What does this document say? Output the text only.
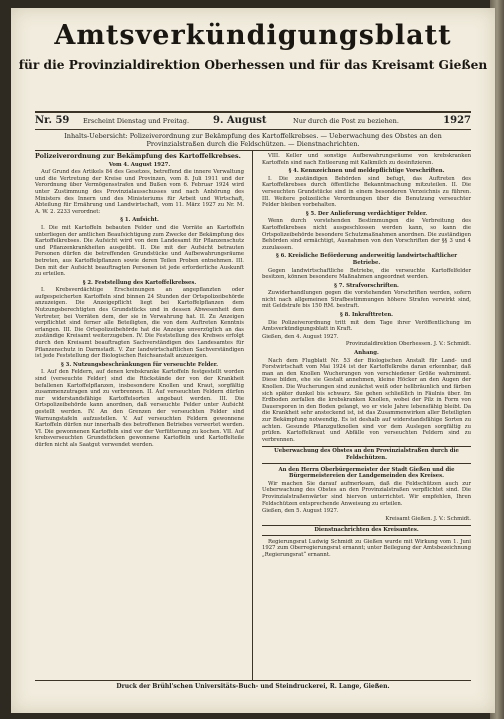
Amtsverkündigungsblatt
für die Provinzialdirektion Oberhessen und für das Kreisamt Gießen
Nr. 59 Erscheint Dienstag und Freitag. 9. August	Nur durch die Post zu beziehen.	1927
Inhalts-Uebersicht: Polizeiverordnung zur Bekämpfung des Kartoffelkrebses. — Ueberwachung des Obstes an den Provinzialstraßen durch die Feldschützen. — Dienstnachrichten.

Polizeiverordnung zur Bekämpfung des Kartoffelkrebses.

Vom 4. August 1927.

Auf Grund des Artikels 84 des Gesetzes, betreffend die innere Verwaltung und die Vertretung der Kreise und Provinzen, vom 8. Juli 1911 und der Verordnung über Vermögensstrafen und Bußen vom 6. Februar 1924 wird unter Zustimmung des Provinzialausschusses und nach Anhörung des Ministers des Innern und des Ministeriums für Arbeit und Wirtschaft, Abteilung für Ernährung und Landwirtschaft, vom 11. März 1927 zu Nr. M. A. W. 2. 2233 verordnet:

§ 1. Aufsicht.

I. Die mit Kartoffeln bebauten Felder und die Vorräte an Kartoffeln unterliegen der amtlichen Beaufsichtigung zum Zwecke der Bekämpfung des Kartoffelkrebses. Die Aufsicht wird von dem Landesamt für Pflanzenschutz und Pflanzenkrankheiten ausgeübt. II. Die mit der Aufsicht betrauten Personen dürfen die betreffenden Grundstücke und Aufbewahrungsräume betreten, aus Kartoffelpflanzen sowie deren Teilen Proben entnehmen. III. Den mit der Aufsicht beauftragten Personen ist jede erforderliche Auskunft zu erteilen.

§ 2. Feststellung des Kartoffelkrebses.

I. Krebsverdächtige Erscheinungen an angepflanzten oder aufgespeicherten Kartoffeln sind binnen 24 Stunden der Ortspolizeibehörde anzuzeigen. Die Anzeigepflicht liegt bei Kartoffelpflanzen dem Nutzungsberechtigten des Grundstücks und in dessen Abwesenheit dem Vertreter, bei Vorräten dem, der sie in Verwahrung hat. II. Zu Anzeigen verpflichtet sind ferner alle Beteiligten, die von dem Auftreten Kenntnis erlangen. III. Die Ortspolizeibehörde hat die Anzeige unverzüglich an das zuständige Kreisamt weiterzugeben. IV. Die Feststellung des Krebses erfolgt durch den Kreisamt beauftragten Sachverständigen des Landesamtes für Pflanzenschutz in Darmstadt. V. Zur landwirtschaftlichen Sachverständigen ist jede Feststellung der Biologischen Reichsanstalt anzuzeigen.

§ 3. Nutzungsbeschränkungen für verseuchte Felder.

I. Auf den Feldern, auf denen krebskranke Kartoffeln festgestellt worden sind (verseuchte Felder) sind die Rückstände der von der Krankheit befallenen Kartoffelpflanzen, insbesondere Knollen und Kraut, sorgfältig zusammenzutragen und zu verbrennen. II. Auf verseuchten Feldern dürfen nur widerstandsfähige Kartoffelsorten angebaut werden. III. Die Ortspolizeibehörde kann anordnen, daß verseuchte Felder unter Aufsicht gestellt werden. IV. An den Grenzen der verseuchten Felder sind Warnungstafeln aufzustellen. V. Auf verseuchten Feldern gewonnene Kartoffeln dürfen nur innerhalb des betroffenen Betriebes verwertet werden. VI. Die gewonnenen Kartoffeln sind vor der Verfütterung zu kochen. VII. Auf krebsverseuchten Grundstücken gewonnene Kartoffeln und Kartoffelteile dürfen nicht als Saatgut verwendet werden.

VIII. Keller und sonstige Aufbewahrungsräume von krebskranken Kartoffeln sind nach Entleerung mit Kalkmilch zu desinfizieren.

§ 4. Kennzeichnen und meldepflichtige Vorschriften.

I. Die zuständigen Behörden sind befugt, das Auftreten des Kartoffelkrebses durch öffentliche Bekanntmachung mitzuteilen. II. Die verseuchten Grundstücke sind in einem besonderen Verzeichnis zu führen. III. Weitere polizeiliche Verordnungen über die Benutzung verseuchter Felder bleiben vorbehalten.

§ 5. Der Anlieferung verdächtiger Felder.

Wenn durch vorstehenden Bestimmungen die Verbreitung des Kartoffelkrebses nicht ausgeschlossen werden kann, so kann die Ortspolizeibehörde besondere Schutzmaßnahmen anordnen. Die zuständigen Behörden sind ermächtigt, Ausnahmen von den Vorschriften der §§ 3 und 4 zuzulassen.

§ 6. Kreisliche Beförderung anderweitig landwirtschaftlicher Betriebe.

Gegen landwirtschaftliche Betriebe, die verseuchte Kartoffelfelder besitzen, können besondere Maßnahmen angeordnet werden.

§ 7. Strafvorschriften.

Zuwiderhandlungen gegen die vorstehenden Vorschriften werden, sofern nicht nach allgemeinen Strafbestimmungen höhere Strafen verwirkt sind, mit Geldstrafe bis 150 RM. bestraft.

§ 8. Inkrafttreten.

Die Polizeiverordnung tritt mit dem Tage ihrer Veröffentlichung im Amtsverkündigungsblatt in Kraft.

Gießen, den 4. August 1927.

Provinzialdirektion Oberhessen. J. V.: Schmidt.

Anhang.

Nach dem Flugblatt Nr. 53 der Biologischen Anstalt für Land- und Forstwirtschaft vom Mai 1924 ist der Kartoffelkrebs daran erkennbar, daß man an den Knollen Wucherungen von verschiedener Größe wahrnimmt. Diese bilden, ehe sie Gestalt annehmen, kleine Höcker an den Augen der Knollen. Die Wucherungen sind zunächst weiß oder hellbräunlich und färben sich später dunkel bis schwarz. Sie gehen schließlich in Fäulnis über. Im Erdboden zerfallen die krebskranken Knollen, wobei der Pilz in Form von Dauersporen in den Boden gelangt, wo er viele Jahre lebensfähig bleibt. Da die Krankheit sehr ansteckend ist, ist das Zusammenwirken aller Beteiligten zur Bekämpfung notwendig. Es ist deshalb auf widerstandsfähige Sorten zu achten. Gesunde Pflanzgutknollen sind vor dem Auslegen sorgfältig zu prüfen. Kartoffelkraut und Abfälle von verseuchten Feldern sind zu verbrennen.

Ueberwachung des Obstes an den Provinzialstraßen durch die Feldschützen.

An den Herrn Oberbürgermeister der Stadt Gießen und die Bürgermeistereien der Landgemeinden des Kreises.

Wir machen Sie darauf aufmerksam, daß die Feldschützen auch zur Ueberwachung des Obstes an den Provinzialstraßen verpflichtet sind. Die Provinzialstraßenwärter sind hiervon unterrichtet. Wir empfehlen, Ihren Feldschützen entsprechende Anweisung zu erteilen.

Gießen, den 5. August 1927.

Kreisamt Gießen. J. V.: Schmidt.

Dienstnachrichten des Kreisamtes.

Regierungsrat Ludwig Schmidt zu Gießen wurde mit Wirkung vom 1. Juni 1927 zum Oberregierungsrat ernannt; unter Beilegung der Amtsbezeichnung „Regierungsrat“ ernannt.

Druck der Brühl'schen Universitäts-Buch- und Steindruckerei, R. Lange, Gießen.
